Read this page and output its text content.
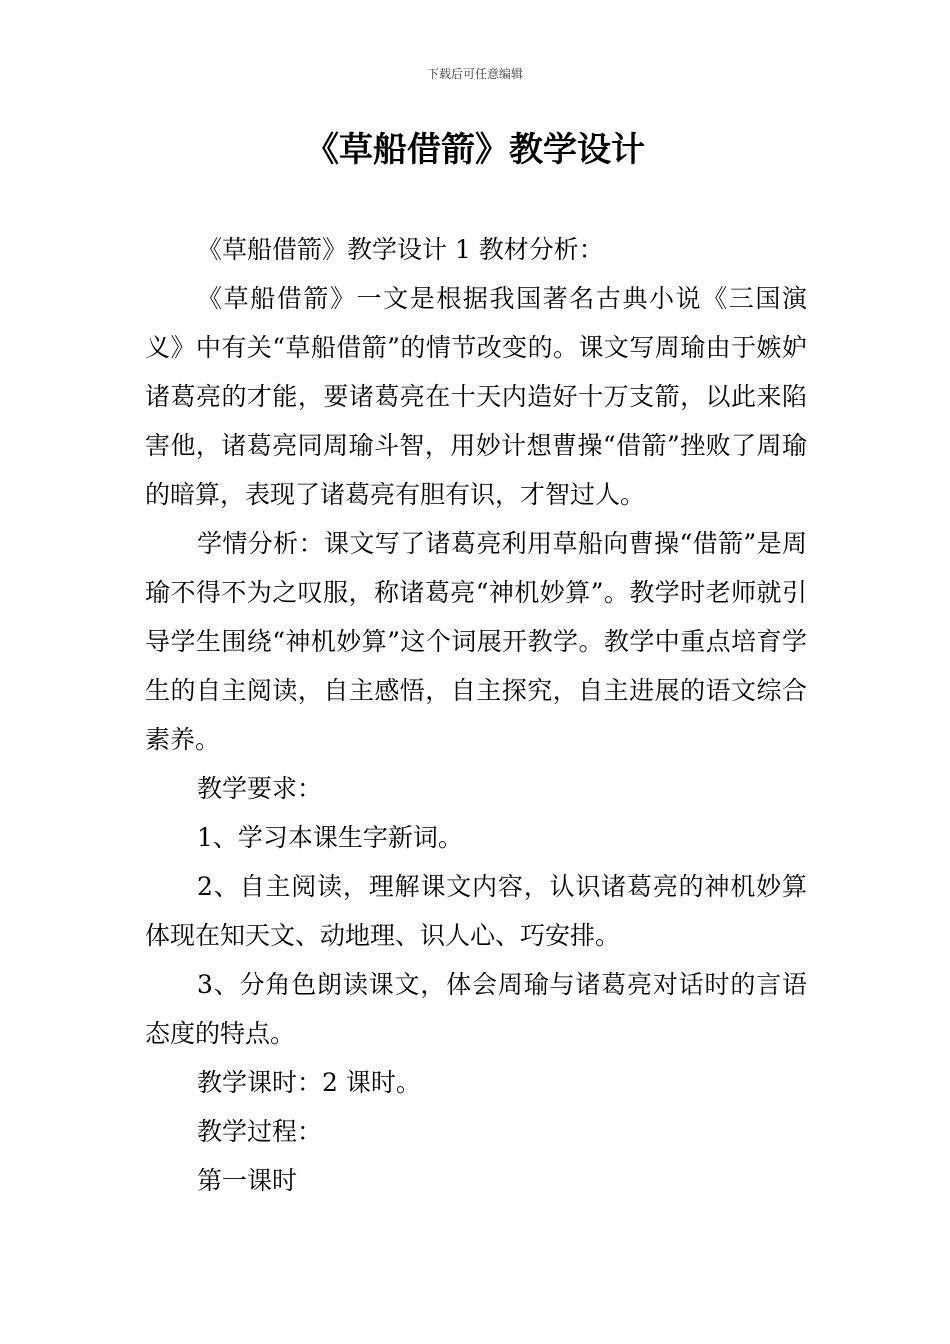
下载后可任意编辑
《草船借箭》教学设计

《草船借箭》教学设计 1 教材分析：

《草船借箭》一文是根据我国著名古典小说《三国演义》中有关“草船借箭”的情节改变的。课文写周瑜由于嫉妒诸葛亮的才能，要诸葛亮在十天内造好十万支箭，以此来陷害他，诸葛亮同周瑜斗智，用妙计想曹操“借箭”挫败了周瑜的暗算，表现了诸葛亮有胆有识，才智过人。

学情分析：课文写了诸葛亮利用草船向曹操“借箭”是周瑜不得不为之叹服，称诸葛亮“神机妙算”。教学时老师就引导学生围绕“神机妙算”这个词展开教学。教学中重点培育学生的自主阅读，自主感悟，自主探究，自主进展的语文综合素养。

教学要求：

1、学习本课生字新词。

2、自主阅读，理解课文内容，认识诸葛亮的神机妙算体现在知天文、动地理、识人心、巧安排。

3、分角色朗读课文，体会周瑜与诸葛亮对话时的言语态度的特点。

教学课时：2 课时。

教学过程：

第一课时
